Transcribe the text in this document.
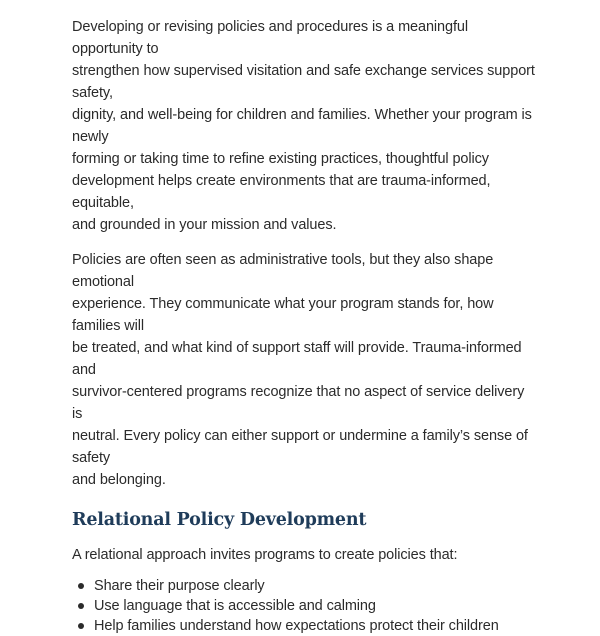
Developing or revising policies and procedures is a meaningful opportunity to
strengthen how supervised visitation and safe exchange services support safety,
dignity, and well-being for children and families. Whether your program is newly
forming or taking time to refine existing practices, thoughtful policy
development helps create environments that are trauma-informed, equitable,
and grounded in your mission and values.

Policies are often seen as administrative tools, but they also shape emotional
experience. They communicate what your program stands for, how families will
be treated, and what kind of support staff will provide. Trauma-informed and
survivor-centered programs recognize that no aspect of service delivery is
neutral. Every policy can either support or undermine a family’s sense of safety
and belonging.

Relational Policy Development

A relational approach invites programs to create policies that:

Share their purpose clearly
Use language that is accessible and calming
Help families understand how expectations protect their children
